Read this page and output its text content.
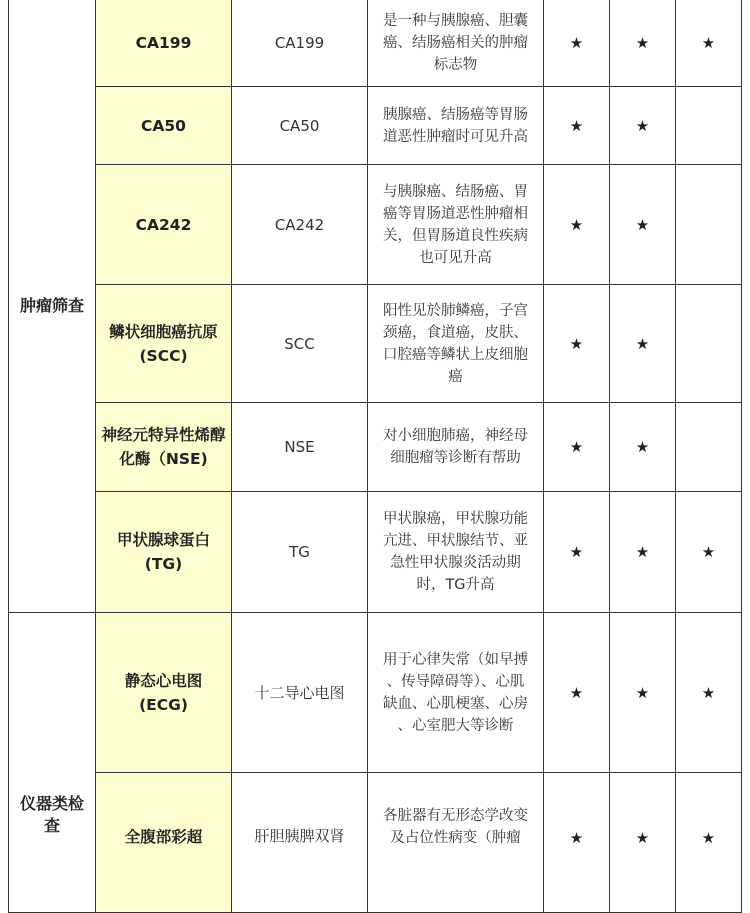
肿瘤筛查	CA199	CA199	是一种与胰腺癌、胆囊
癌、结肠癌相关的肿瘤
标志物	★	★	★
	CA50	CA50	胰腺癌、结肠癌等胃肠
道恶性肿瘤时可见升高	★	★	
	CA242	CA242	与胰腺癌、结肠癌、胃
癌等胃肠道恶性肿瘤相
关，但胃肠道良性疾病
也可见升高	★	★	
	鳞状细胞癌抗原
(SCC)	SCC	阳性见於肺鳞癌，子宫
颈癌，食道癌，皮肤、
口腔癌等鳞状上皮细胞
癌	★	★	
	神经元特异性烯醇
化酶（NSE)	NSE	对小细胞肺癌，神经母
细胞瘤等诊断有帮助	★	★	
	甲状腺球蛋白
(TG)	TG	甲状腺癌，甲状腺功能
亢进、甲状腺结节、亚
急性甲状腺炎活动期
时，TG升高	★	★	★
仪器类检
查	静态心电图
(ECG)	十二导心电图	用于心律失常（如早搏
、传导障碍等）、心肌
缺血、心肌梗塞、心房
、心室肥大等诊断	★	★	★
	全腹部彩超	肝胆胰脾双肾	各脏器有无形态学改变
及占位性病变（肿瘤	★	★	★
